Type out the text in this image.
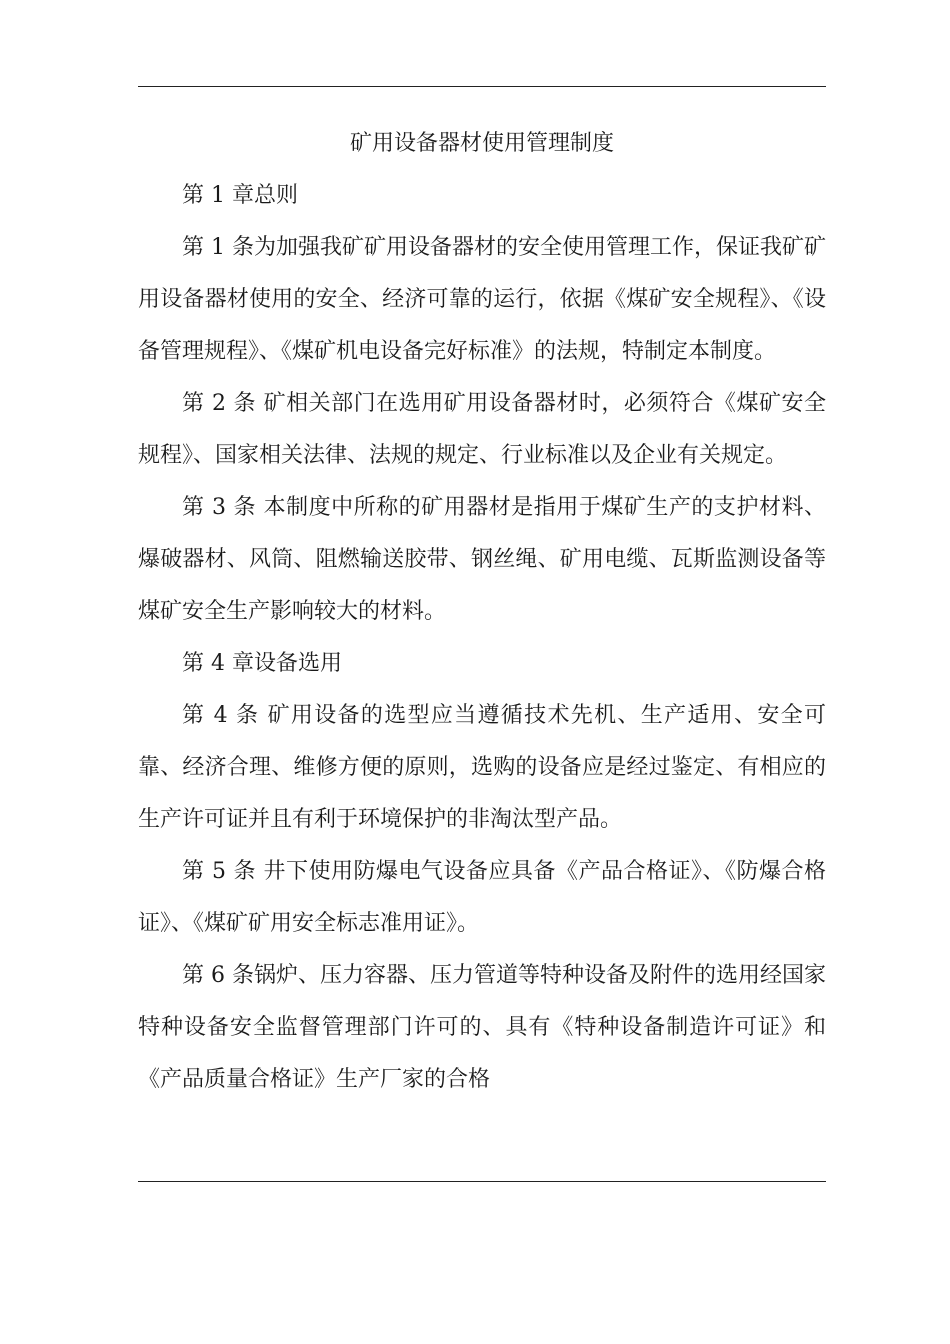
矿用设备器材使用管理制度

第 1 章总则

第 1 条为加强我矿矿用设备器材的安全使用管理工作，保证我矿矿用设备器材使用的安全、经济可靠的运行，依据《煤矿安全规程》、《设备管理规程》、《煤矿机电设备完好标准》的法规，特制定本制度。

第 2 条 矿相关部门在选用矿用设备器材时，必须符合《煤矿安全规程》、国家相关法律、法规的规定、行业标准以及企业有关规定。

第 3 条 本制度中所称的矿用器材是指用于煤矿生产的支护材料、爆破器材、风筒、阻燃输送胶带、钢丝绳、矿用电缆、瓦斯监测设备等煤矿安全生产影响较大的材料。

第 4 章设备选用

第 4 条 矿用设备的选型应当遵循技术先机、生产适用、安全可靠、经济合理、维修方便的原则，选购的设备应是经过鉴定、有相应的生产许可证并且有利于环境保护的非淘汰型产品。

第 5 条 井下使用防爆电气设备应具备《产品合格证》、《防爆合格证》、《煤矿矿用安全标志准用证》。

第 6 条锅炉、压力容器、压力管道等特种设备及附件的选用经国家特种设备安全监督管理部门许可的、具有《特种设备制造许可证》和《产品质量合格证》生产厂家的合格
